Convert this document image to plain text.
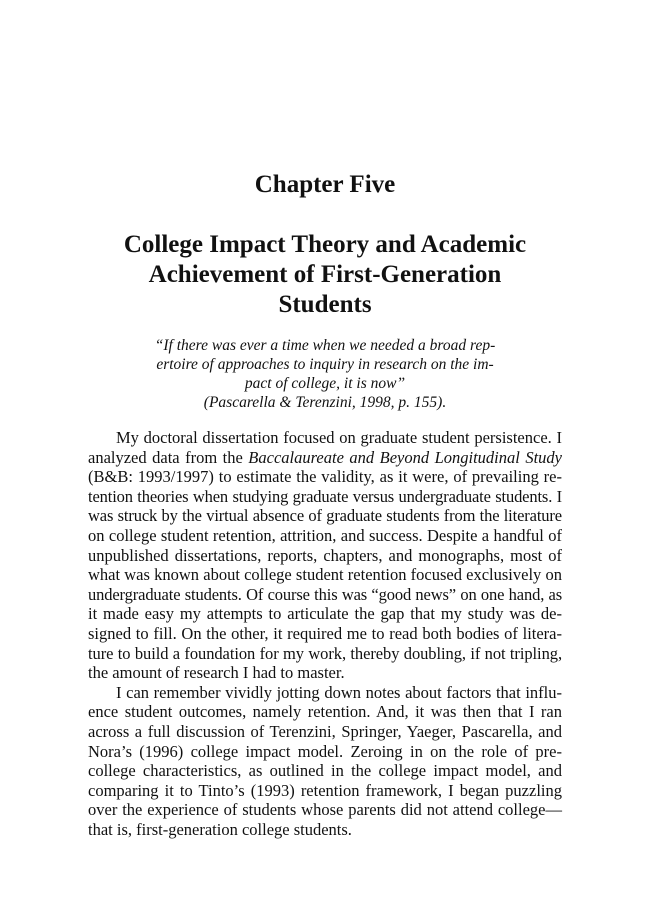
Chapter Five
College Impact Theory and Academic
Achievement of First-Generation
Students
“If there was ever a time when we needed a broad rep-
ertoire of approaches to inquiry in research on the im-
pact of college, it is now”
(Pascarella & Terenzini, 1998, p. 155).
My doctoral dissertation focused on graduate student persistence. I
analyzed data from the Baccalaureate and Beyond Longitudinal Study
(B&B: 1993/1997) to estimate the validity, as it were, of prevailing re-
tention theories when studying graduate versus undergraduate students. I
was struck by the virtual absence of graduate students from the literature
on college student retention, attrition, and success. Despite a handful of
unpublished dissertations, reports, chapters, and monographs, most of
what was known about college student retention focused exclusively on
undergraduate students. Of course this was “good news” on one hand, as
it made easy my attempts to articulate the gap that my study was de-
signed to fill. On the other, it required me to read both bodies of litera-
ture to build a foundation for my work, thereby doubling, if not tripling,
the amount of research I had to master.
I can remember vividly jotting down notes about factors that influ-
ence student outcomes, namely retention. And, it was then that I ran
across a full discussion of Terenzini, Springer, Yaeger, Pascarella, and
Nora’s (1996) college impact model. Zeroing in on the role of pre-
college characteristics, as outlined in the college impact model, and
comparing it to Tinto’s (1993) retention framework, I began puzzling
over the experience of students whose parents did not attend college—
that is, first-generation college students.
